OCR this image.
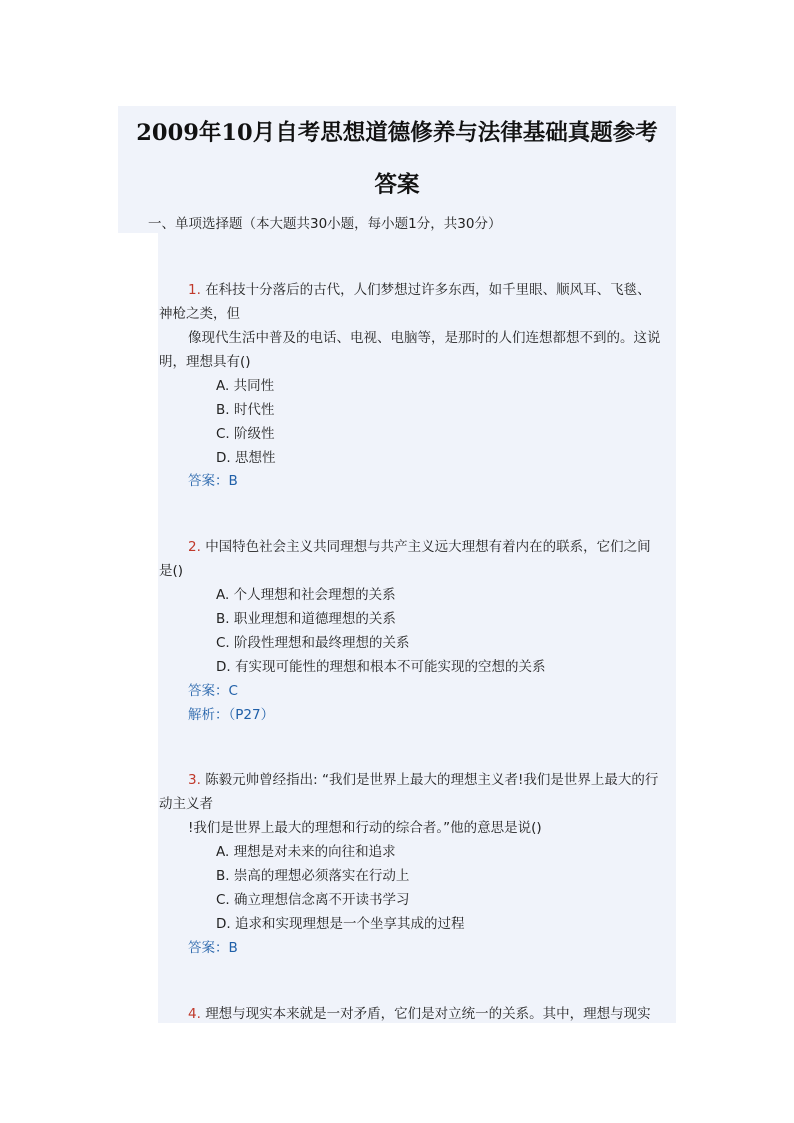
2009年10月自考思想道德修养与法律基础真题参考
答案
一、单项选择题（本大题共30小题，每小题1分，共30分）
1. 在科技十分落后的古代，人们梦想过许多东西，如千里眼、顺风耳、飞毯、
神枪之类，但
像现代生活中普及的电话、电视、电脑等，是那时的人们连想都想不到的。这说
明，理想具有()
A. 共同性
B. 时代性
C. 阶级性
D. 思想性
答案：B
2. 中国特色社会主义共同理想与共产主义远大理想有着内在的联系，它们之间
是()
A. 个人理想和社会理想的关系
B. 职业理想和道德理想的关系
C. 阶段性理想和最终理想的关系
D. 有实现可能性的理想和根本不可能实现的空想的关系
答案：C
解析：（P27）
3. 陈毅元帅曾经指出: “我们是世界上最大的理想主义者!我们是世界上最大的行
动主义者
!我们是世界上最大的理想和行动的综合者。”他的意思是说()
A. 理想是对未来的向往和追求
B. 崇高的理想必须落实在行动上
C. 确立理想信念离不开读书学习
D. 追求和实现理想是一个坐享其成的过程
答案：B
4. 理想与现实本来就是一对矛盾，它们是对立统一的关系。其中，理想与现实
